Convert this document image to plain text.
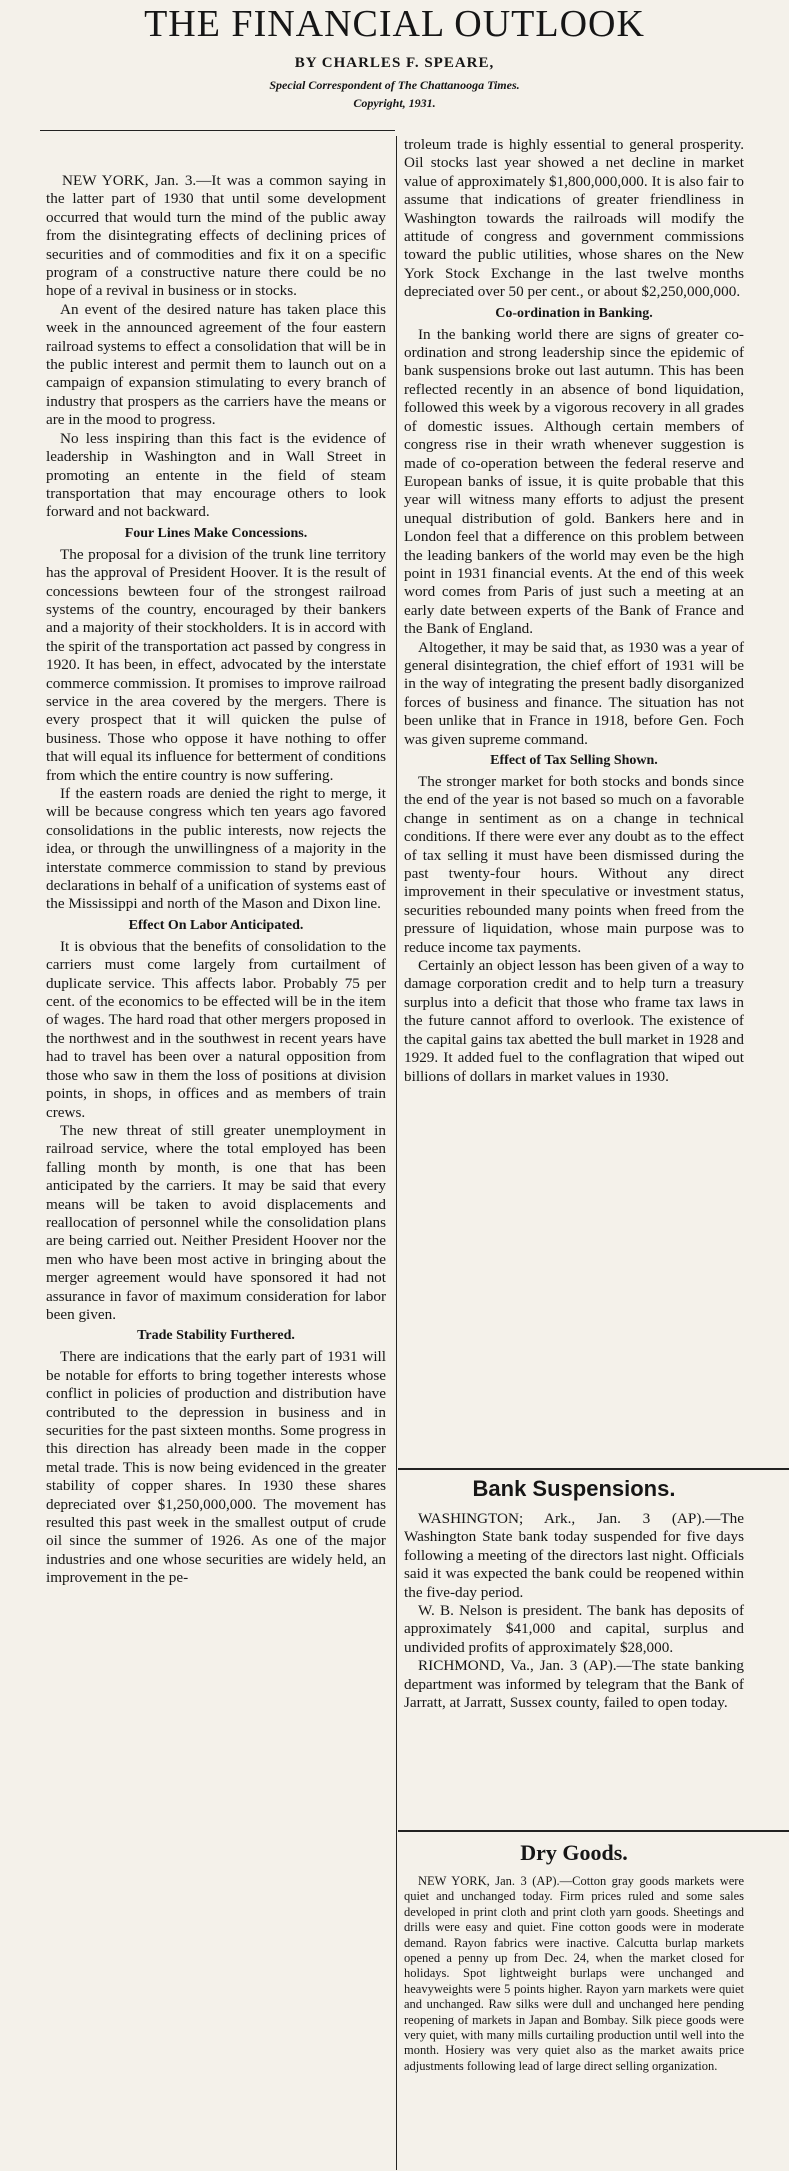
THE FINANCIAL OUTLOOK
BY CHARLES F. SPEARE,
Special Correspondent of The Chattanooga Times.
Copyright, 1931.

NEW YORK, Jan. 3.—It was a common saying in the latter part of 1930 that until some development occurred that would turn the mind of the public away from the disintegrating effects of declining prices of securities and of commodities and fix it on a specific program of a constructive nature there could be no hope of a revival in business or in stocks.

An event of the desired nature has taken place this week in the announced agreement of the four eastern railroad systems to effect a consolidation that will be in the public interest and permit them to launch out on a campaign of expansion stimulating to every branch of industry that prospers as the carriers have the means or are in the mood to progress.

No less inspiring than this fact is the evidence of leadership in Washington and in Wall Street in promoting an entente in the field of steam transportation that may encourage others to look forward and not backward.

Four Lines Make Concessions.

The proposal for a division of the trunk line territory has the approval of President Hoover. It is the result of concessions bewteen four of the strongest railroad systems of the country, encouraged by their bankers and a majority of their stockholders. It is in accord with the spirit of the transportation act passed by congress in 1920. It has been, in effect, advocated by the interstate commerce commission. It promises to improve railroad service in the area covered by the mergers. There is every prospect that it will quicken the pulse of business. Those who oppose it have nothing to offer that will equal its influence for betterment of conditions from which the entire country is now suffering.

If the eastern roads are denied the right to merge, it will be because congress which ten years ago favored consolidations in the public interests, now rejects the idea, or through the unwillingness of a majority in the interstate commerce commission to stand by previous declarations in behalf of a unification of systems east of the Mississippi and north of the Mason and Dixon line.

Effect On Labor Anticipated.

It is obvious that the benefits of consolidation to the carriers must come largely from curtailment of duplicate service. This affects labor. Probably 75 per cent. of the economics to be effected will be in the item of wages. The hard road that other mergers proposed in the northwest and in the southwest in recent years have had to travel has been over a natural opposition from those who saw in them the loss of positions at division points, in shops, in offices and as members of train crews.

The new threat of still greater unemployment in railroad service, where the total employed has been falling month by month, is one that has been anticipated by the carriers. It may be said that every means will be taken to avoid displacements and reallocation of personnel while the consolidation plans are being carried out. Neither President Hoover nor the men who have been most active in bringing about the merger agreement would have sponsored it had not assurance in favor of maximum consideration for labor been given.

Trade Stability Furthered.

There are indications that the early part of 1931 will be notable for efforts to bring together interests whose conflict in policies of production and distribution have contributed to the depression in business and in securities for the past sixteen months. Some progress in this direction has already been made in the copper metal trade. This is now being evidenced in the greater stability of copper shares. In 1930 these shares depreciated over $1,250,000,000. The movement has resulted this past week in the smallest output of crude oil since the summer of 1926. As one of the major industries and one whose securities are widely held, an improvement in the pe-

troleum trade is highly essential to general prosperity. Oil stocks last year showed a net decline in market value of approximately $1,800,000,000. It is also fair to assume that indications of greater friendliness in Washington towards the railroads will modify the attitude of congress and government commissions toward the public utilities, whose shares on the New York Stock Exchange in the last twelve months depreciated over 50 per cent., or about $2,250,000,000.

Co-ordination in Banking.

In the banking world there are signs of greater co-ordination and strong leadership since the epidemic of bank suspensions broke out last autumn. This has been reflected recently in an absence of bond liquidation, followed this week by a vigorous recovery in all grades of domestic issues. Although certain members of congress rise in their wrath whenever suggestion is made of co-operation between the federal reserve and European banks of issue, it is quite probable that this year will witness many efforts to adjust the present unequal distribution of gold. Bankers here and in London feel that a difference on this problem between the leading bankers of the world may even be the high point in 1931 financial events. At the end of this week word comes from Paris of just such a meeting at an early date between experts of the Bank of France and the Bank of England.

Altogether, it may be said that, as 1930 was a year of general disintegration, the chief effort of 1931 will be in the way of integrating the present badly disorganized forces of business and finance. The situation has not been unlike that in France in 1918, before Gen. Foch was given supreme command.

Effect of Tax Selling Shown.

The stronger market for both stocks and bonds since the end of the year is not based so much on a favorable change in sentiment as on a change in technical conditions. If there were ever any doubt as to the effect of tax selling it must have been dismissed during the past twenty-four hours. Without any direct improvement in their speculative or investment status, securities rebounded many points when freed from the pressure of liquidation, whose main purpose was to reduce income tax payments.

Certainly an object lesson has been given of a way to damage corporation credit and to help turn a treasury surplus into a deficit that those who frame tax laws in the future cannot afford to overlook. The existence of the capital gains tax abetted the bull market in 1928 and 1929. It added fuel to the conflagration that wiped out billions of dollars in market values in 1930.

Bank Suspensions.

WASHINGTON; Ark., Jan. 3 (AP).—The Washington State bank today suspended for five days following a meeting of the directors last night. Officials said it was expected the bank could be reopened within the five-day period.

W. B. Nelson is president. The bank has deposits of approximately $41,000 and capital, surplus and undivided profits of approximately $28,000.

RICHMOND, Va., Jan. 3 (AP).—The state banking department was informed by telegram that the Bank of Jarratt, at Jarratt, Sussex county, failed to open today.

Dry Goods.

NEW YORK, Jan. 3 (AP).—Cotton gray goods markets were quiet and unchanged today. Firm prices ruled and some sales developed in print cloth and print cloth yarn goods. Sheetings and drills were easy and quiet. Fine cotton goods were in moderate demand. Rayon fabrics were inactive. Calcutta burlap markets opened a penny up from Dec. 24, when the market closed for holidays. Spot lightweight burlaps were unchanged and heavyweights were 5 points higher. Rayon yarn markets were quiet and unchanged. Raw silks were dull and unchanged here pending reopening of markets in Japan and Bombay. Silk piece goods were very quiet, with many mills curtailing production until well into the month. Hosiery was very quiet also as the market awaits price adjustments following lead of large direct selling organization.
